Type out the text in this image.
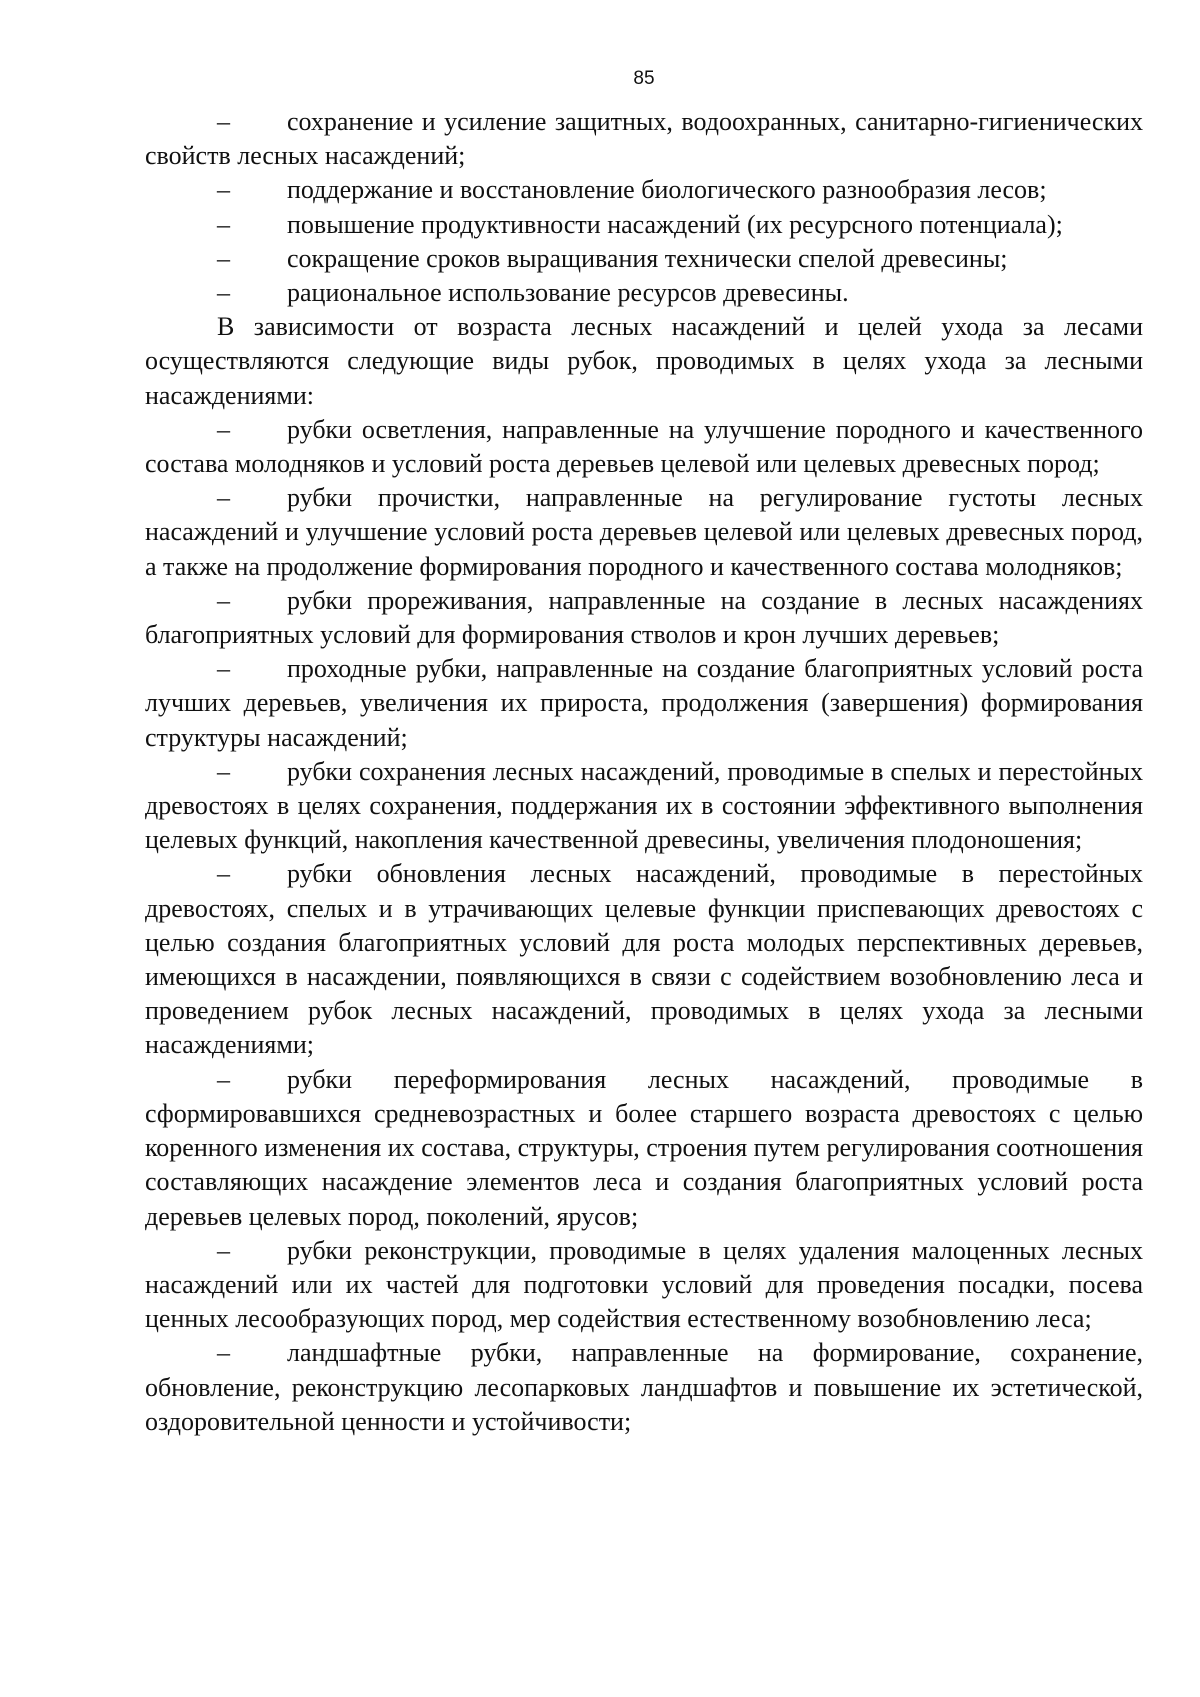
85

– сохранение и усиление защитных, водоохранных, санитарно-гигиенических свойств лесных насаждений;

– поддержание и восстановление биологического разнообразия лесов;

– повышение продуктивности насаждений (их ресурсного потенциала);

– сокращение сроков выращивания технически спелой древесины;

– рациональное использование ресурсов древесины.

В зависимости от возраста лесных насаждений и целей ухода за лесами осуществляются следующие виды рубок, проводимых в целях ухода за лесными насаждениями:

– рубки осветления, направленные на улучшение породного и качественного состава молодняков и условий роста деревьев целевой или целевых древесных пород;

– рубки прочистки, направленные на регулирование густоты лесных насаждений и улучшение условий роста деревьев целевой или целевых древесных пород, а также на продолжение формирования породного и качественного состава молодняков;

– рубки прореживания, направленные на создание в лесных насаждениях благоприятных условий для формирования стволов и крон лучших деревьев;

– проходные рубки, направленные на создание благоприятных условий роста лучших деревьев, увеличения их прироста, продолжения (завершения) формирования структуры насаждений;

– рубки сохранения лесных насаждений, проводимые в спелых и перестойных древостоях в целях сохранения, поддержания их в состоянии эффективного выполнения целевых функций, накопления качественной древесины, увеличения плодоношения;

– рубки обновления лесных насаждений, проводимые в перестойных древостоях, спелых и в утрачивающих целевые функции приспевающих древостоях с целью создания благоприятных условий для роста молодых перспективных деревьев, имеющихся в насаждении, появляющихся в связи с содействием возобновлению леса и проведением рубок лесных насаждений, проводимых в целях ухода за лесными насаждениями;

– рубки переформирования лесных насаждений, проводимые в сформировавшихся средневозрастных и более старшего возраста древостоях с целью коренного изменения их состава, структуры, строения путем регулирования соотношения составляющих насаждение элементов леса и создания благоприятных условий роста деревьев целевых пород, поколений, ярусов;

– рубки реконструкции, проводимые в целях удаления малоценных лесных насаждений или их частей для подготовки условий для проведения посадки, посева ценных лесообразующих пород, мер содействия естественному возобновлению леса;

– ландшафтные рубки, направленные на формирование, сохранение, обновление, реконструкцию лесопарковых ландшафтов и повышение их эстетической, оздоровительной ценности и устойчивости;
